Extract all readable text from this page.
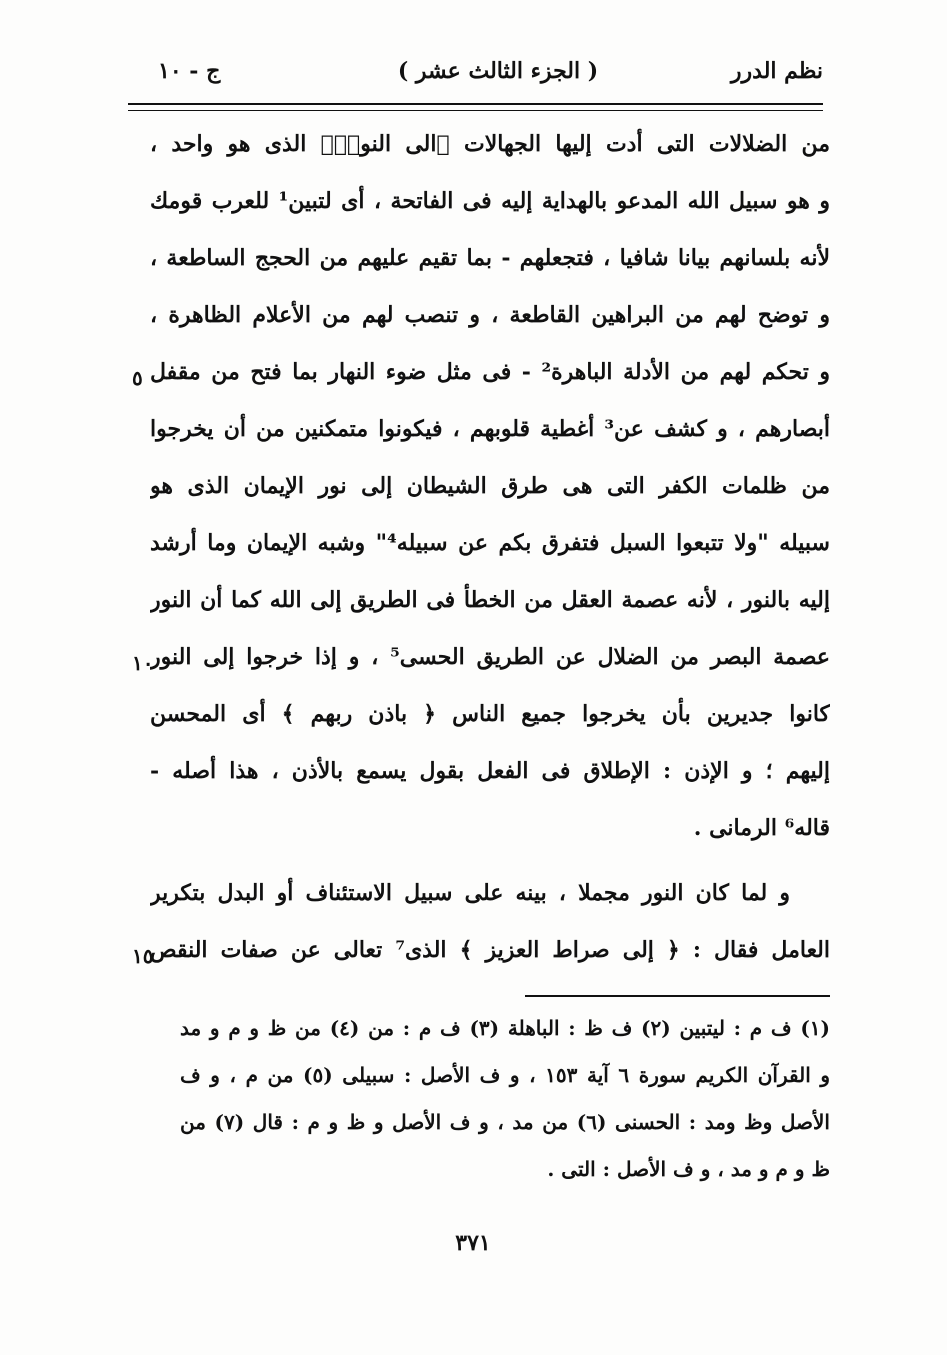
نظم الدرر
( الجزء الثالث عشر )
ج - ١٠
من الضلالات التى أدت إليها الجهالات ﴿الى النورۙ﴾ الذى هو واحد ،
و هو سبيل الله المدعو بالهداية إليه فى الفاتحة ، أى لتبين¹ للعرب قومك
لأنه بلسانهم بيانا شافيا ، فتجعلهم - بما تقيم عليهم من الحجج الساطعة ،
و توضح لهم من البراهين القاطعة ، و تنصب لهم من الأعلام الظاهرة ،
و تحكم لهم من الأدلة الباهرة² - فى مثل ضوء النهار بما فتح من مقفل
أبصارهم ، و كشف عن³ أغطية قلوبهم ، فيكونوا متمكنين من أن يخرجوا
من ظلمات الكفر التى هى طرق الشيطان إلى نور الإيمان الذى هو
سبيله "ولا تتبعوا السبل فتفرق بكم عن سبيله⁴" وشبه الإيمان وما أرشد
إليه بالنور ، لأنه عصمة العقل من الخطأ فى الطريق إلى الله كما أن النور
عصمة البصر من الضلال عن الطريق الحسى⁵ ، و إذا خرجوا إلى النور
كانوا جديرين بأن يخرجوا جميع الناس ﴿ باذن ربهم ﴾ أى المحسن
إليهم ؛ و الإذن : الإطلاق فى الفعل بقول يسمع بالأذن ، هذا أصله -
قاله⁶ الرمانى .
و لما كان النور مجملا ، بينه على سبيل الاستئناف أو البدل بتكرير
العامل فقال : ﴿ إلى صراط العزيز ﴾ الذى⁷ تعالى عن صفات النقص
٥
١٠
١٥
(١) ف م : ليتبين (٢) ف ظ : الباهلة (٣) ف م : من (٤) من ظ و م و مد
و القرآن الكريم سورة ٦ آية ١٥٣ ، و ف الأصل : سبيلى (٥) من م ، و ف
الأصل وظ ومد : الحسنى (٦) من مد ، و ف الأصل و ظ و م : قال (٧) من
ظ و م و مد ، و ف الأصل : التى .
٣٧١
